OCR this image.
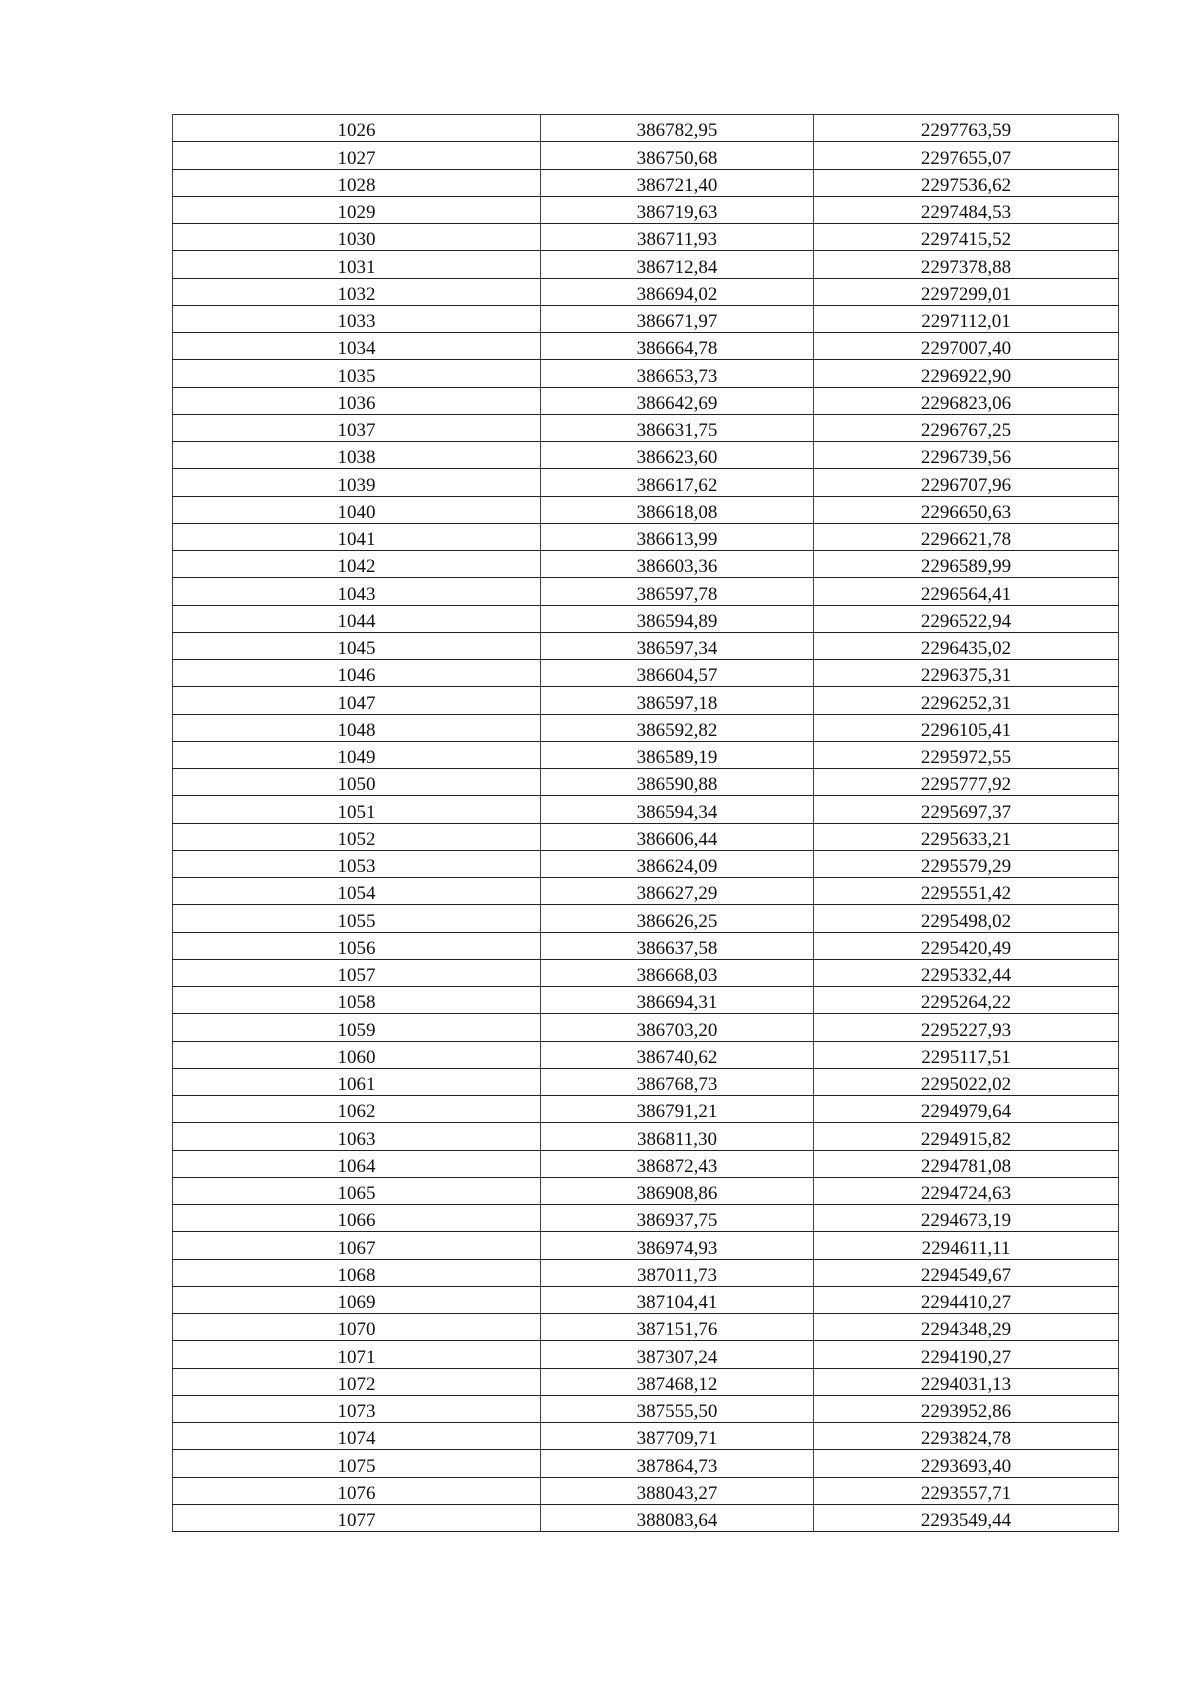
1026	386782,95	2297763,59
1027	386750,68	2297655,07
1028	386721,40	2297536,62
1029	386719,63	2297484,53
1030	386711,93	2297415,52
1031	386712,84	2297378,88
1032	386694,02	2297299,01
1033	386671,97	2297112,01
1034	386664,78	2297007,40
1035	386653,73	2296922,90
1036	386642,69	2296823,06
1037	386631,75	2296767,25
1038	386623,60	2296739,56
1039	386617,62	2296707,96
1040	386618,08	2296650,63
1041	386613,99	2296621,78
1042	386603,36	2296589,99
1043	386597,78	2296564,41
1044	386594,89	2296522,94
1045	386597,34	2296435,02
1046	386604,57	2296375,31
1047	386597,18	2296252,31
1048	386592,82	2296105,41
1049	386589,19	2295972,55
1050	386590,88	2295777,92
1051	386594,34	2295697,37
1052	386606,44	2295633,21
1053	386624,09	2295579,29
1054	386627,29	2295551,42
1055	386626,25	2295498,02
1056	386637,58	2295420,49
1057	386668,03	2295332,44
1058	386694,31	2295264,22
1059	386703,20	2295227,93
1060	386740,62	2295117,51
1061	386768,73	2295022,02
1062	386791,21	2294979,64
1063	386811,30	2294915,82
1064	386872,43	2294781,08
1065	386908,86	2294724,63
1066	386937,75	2294673,19
1067	386974,93	2294611,11
1068	387011,73	2294549,67
1069	387104,41	2294410,27
1070	387151,76	2294348,29
1071	387307,24	2294190,27
1072	387468,12	2294031,13
1073	387555,50	2293952,86
1074	387709,71	2293824,78
1075	387864,73	2293693,40
1076	388043,27	2293557,71
1077	388083,64	2293549,44
